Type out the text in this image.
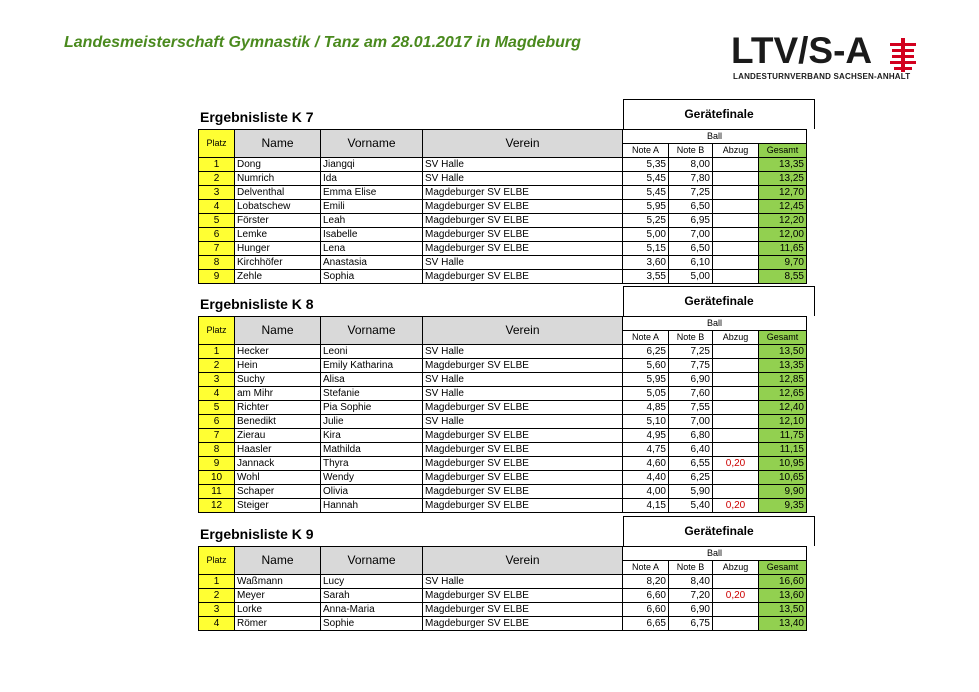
Landesmeisterschaft Gymnastik / Tanz am 28.01.2017 in Magdeburg	LTV/S-A
LANDESTURNVERBAND SACHSEN-ANHALT
Ergebnisliste K 7	Gerätefinale
Platz	Name	Vorname	Verein	Ball			
				Note A	Note B	Abzug	Gesamt
1	Dong	Jiangqi	SV Halle	5,35	8,00		13,35
2	Numrich	Ida	SV Halle	5,45	7,80		13,25
3	Delventhal	Emma Elise	Magdeburger SV ELBE	5,45	7,25		12,70
4	Lobatschew	Emili	Magdeburger SV ELBE	5,95	6,50		12,45
5	Förster	Leah	Magdeburger SV ELBE	5,25	6,95		12,20
6	Lemke	Isabelle	Magdeburger SV ELBE	5,00	7,00		12,00
7	Hunger	Lena	Magdeburger SV ELBE	5,15	6,50		11,65
8	Kirchhöfer	Anastasia	SV Halle	3,60	6,10		9,70
9	Zehle	Sophia	Magdeburger SV ELBE	3,55	5,00		8,55
Ergebnisliste K 8	Gerätefinale
Platz	Name	Vorname	Verein	Ball			
				Note A	Note B	Abzug	Gesamt
1	Hecker	Leoni	SV Halle	6,25	7,25		13,50
2	Hein	Emily Katharina	Magdeburger SV ELBE	5,60	7,75		13,35
3	Suchy	Alisa	SV Halle	5,95	6,90		12,85
4	am Mihr	Stefanie	SV Halle	5,05	7,60		12,65
5	Richter	Pia Sophie	Magdeburger SV ELBE	4,85	7,55		12,40
6	Benedikt	Julie	SV Halle	5,10	7,00		12,10
7	Zierau	Kira	Magdeburger SV ELBE	4,95	6,80		11,75
8	Haasler	Mathilda	Magdeburger SV ELBE	4,75	6,40		11,15
9	Jannack	Thyra	Magdeburger SV ELBE	4,60	6,55	0,20	10,95
10	Wohl	Wendy	Magdeburger SV ELBE	4,40	6,25		10,65
11	Schaper	Olivia	Magdeburger SV ELBE	4,00	5,90		9,90
12	Steiger	Hannah	Magdeburger SV ELBE	4,15	5,40	0,20	9,35
Ergebnisliste K 9	Gerätefinale
Platz	Name	Vorname	Verein	Ball			
				Note A	Note B	Abzug	Gesamt
1	Waßmann	Lucy	SV Halle	8,20	8,40		16,60
2	Meyer	Sarah	Magdeburger SV ELBE	6,60	7,20	0,20	13,60
3	Lorke	Anna-Maria	Magdeburger SV ELBE	6,60	6,90		13,50
4	Römer	Sophie	Magdeburger SV ELBE	6,65	6,75		13,40
